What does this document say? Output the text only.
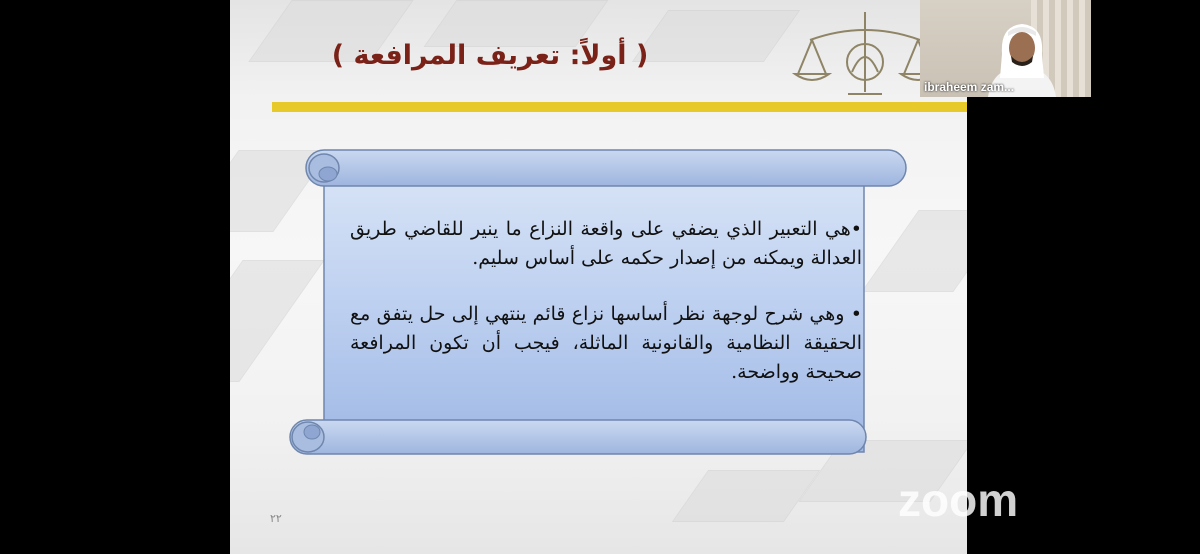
( أولاً: تعريف المرافعة )

•هي التعبير الذي يضفي على واقعة النزاع ما ينير للقاضي طريق العدالة ويمكنه من إصدار حكمه على أساس سليم.

• وهي شرح لوجهة نظر أساسها نزاع قائم ينتهي إلى حل يتفق مع الحقيقة النظامية والقانونية الماثلة، فيجب أن تكون المرافعة صحيحة وواضحة.

٢٢
ibraheem zam...
zoom
